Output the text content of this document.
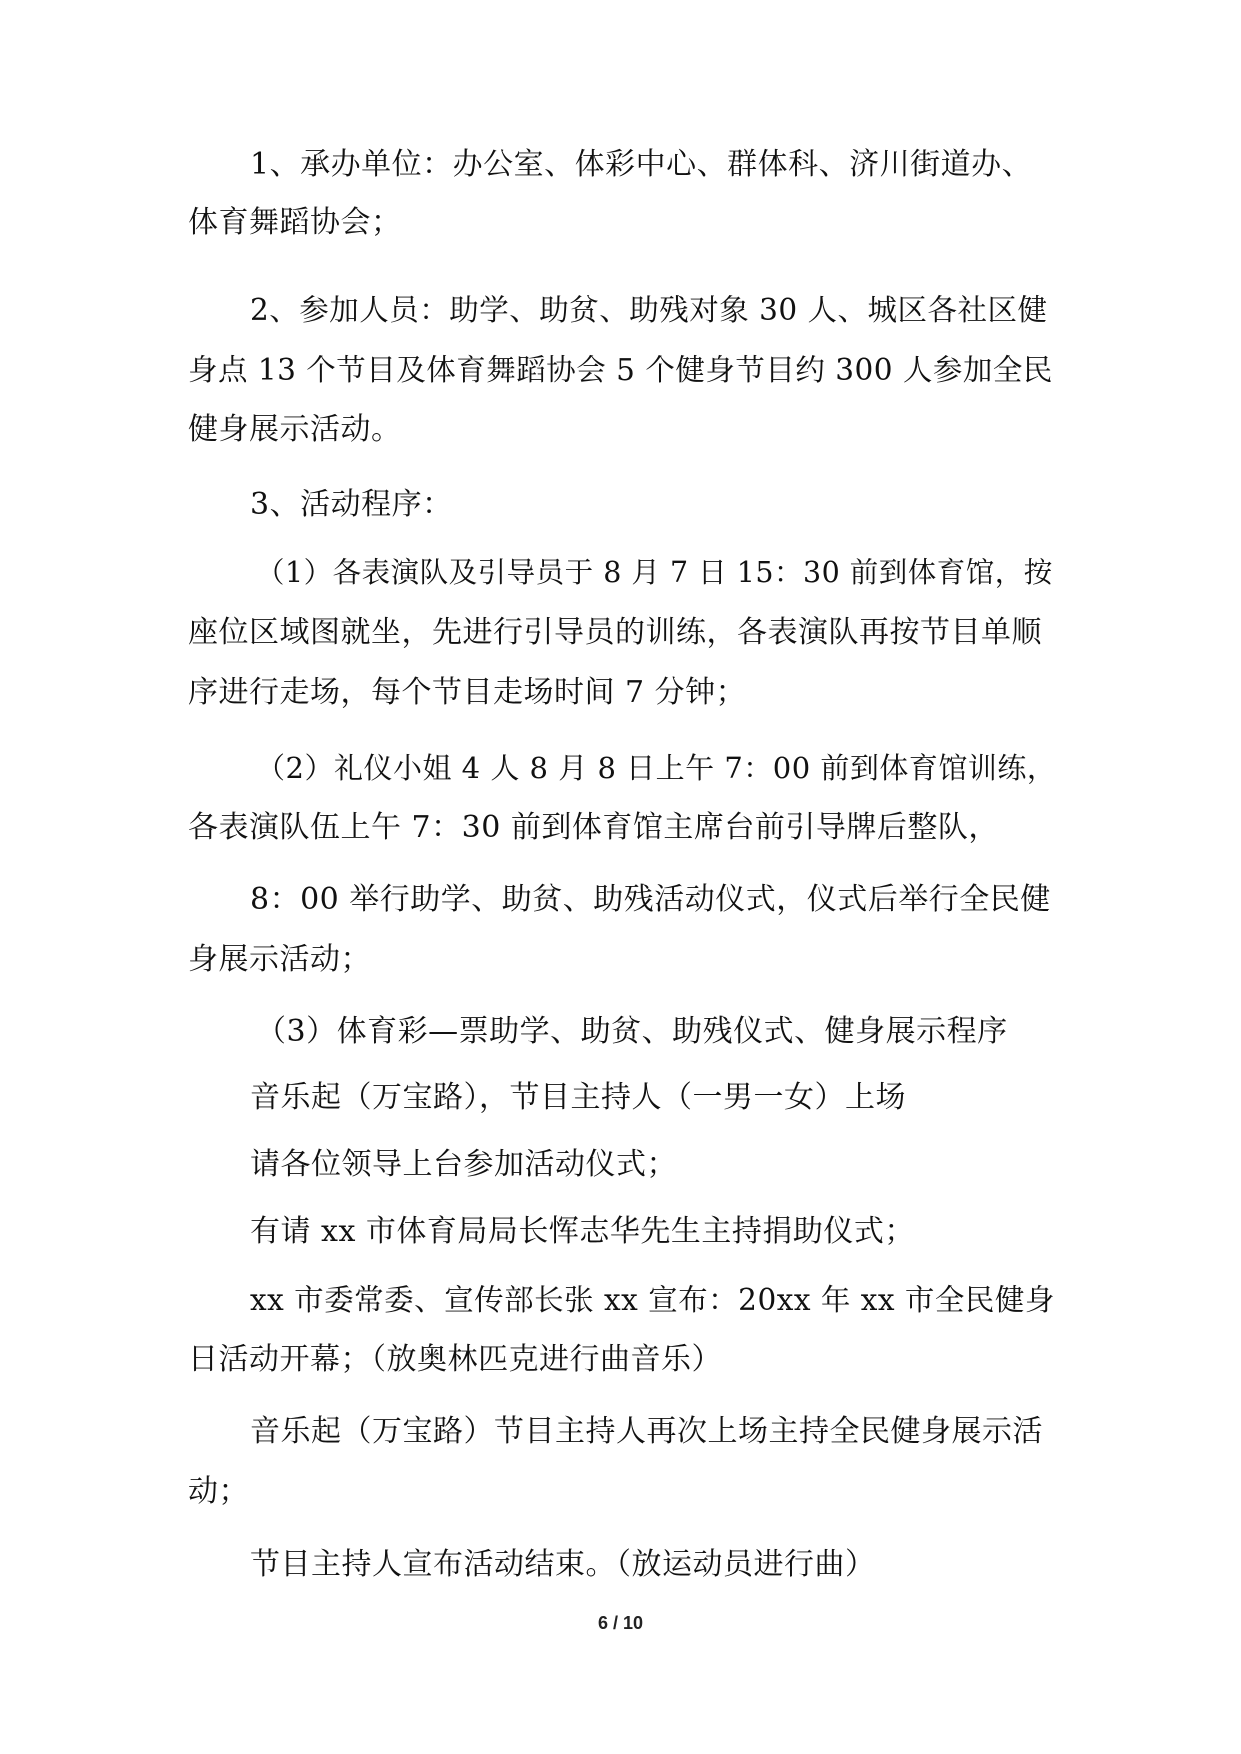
1、承办单位：办公室、体彩中心、群体科、济川街道办、
体育舞蹈协会；
2、参加人员：助学、助贫、助残对象 30 人、城区各社区健
身点 13 个节目及体育舞蹈协会 5 个健身节目约 300 人参加全民
健身展示活动。
3、活动程序：
（1）各表演队及引导员于 8 月 7 日 15：30 前到体育馆，按
座位区域图就坐，先进行引导员的训练，各表演队再按节目单顺
序进行走场，每个节目走场时间 7 分钟；
（2）礼仪小姐 4 人 8 月 8 日上午 7：00 前到体育馆训练，
各表演队伍上午 7：30 前到体育馆主席台前引导牌后整队，
8：00 举行助学、助贫、助残活动仪式，仪式后举行全民健
身展示活动；
（3）体育彩—票助学、助贫、助残仪式、健身展示程序
音乐起（万宝路），节目主持人（一男一女）上场
请各位领导上台参加活动仪式；
有请 xx 市体育局局长恽志华先生主持捐助仪式；
xx 市委常委、宣传部长张 xx 宣布：20xx 年 xx 市全民健身
日活动开幕；（放奥林匹克进行曲音乐）
音乐起（万宝路）节目主持人再次上场主持全民健身展示活
动；
节目主持人宣布活动结束。（放运动员进行曲）
6 / 10
